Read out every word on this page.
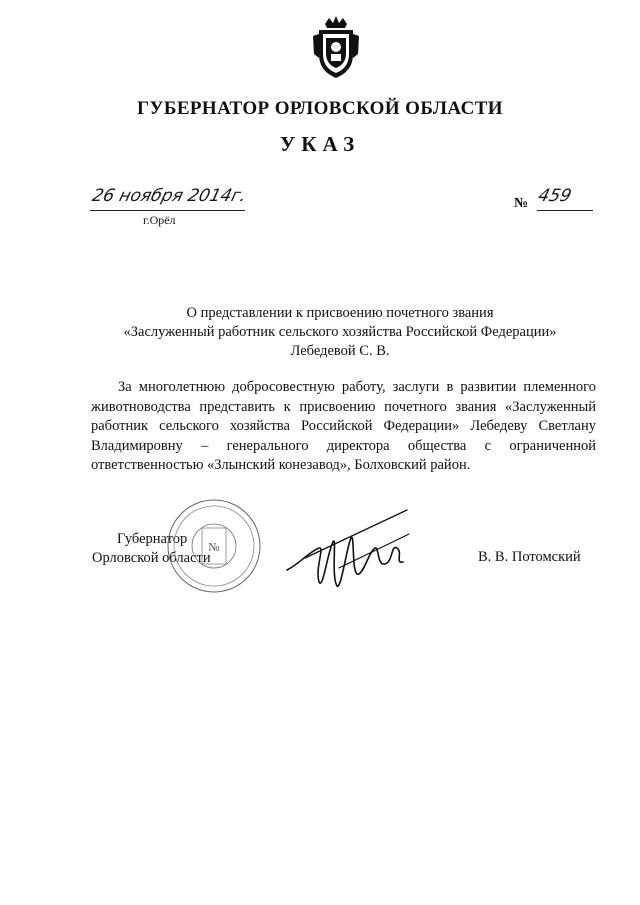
ГУБЕРНАТОР ОРЛОВСКОЙ ОБЛАСТИ
УКАЗ
26 ноября 2014г.
г.Орёл
№ 459
О представлении к присвоению почетного звания
«Заслуженный работник сельского хозяйства Российской Федерации»
Лебедевой С. В.
За многолетнюю добросовестную работу, заслуги в развитии племенного
животноводства представить к присвоению почетного звания «Заслуженный
работник сельского хозяйства Российской Федерации» Лебедеву Светлану
Владимировну – генерального директора общества с ограниченной
ответственностью «Злынский конезавод», Болховский район.
Губернатор
Орловской области
№
В. В. Потомский
